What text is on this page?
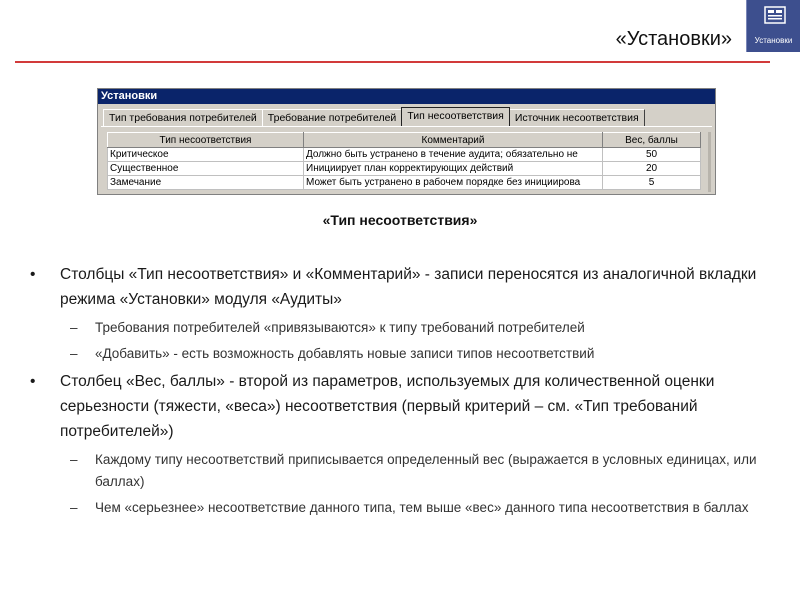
«Установки»	Установки
Установки
Тип требования потребителей	Требование потребителей	Тип несоответствия	Источник несоответствия
Тип несоответствия	Комментарий	Вес, баллы
Критическое	Должно быть устранено в течение аудита; обязательно не	50
Существенное	Инициирует план корректирующих действий	20
Замечание	Может быть устранено в рабочем порядке без инициирова	5
«Тип несоответствия»
• Столбцы «Тип несоответствия» и «Комментарий» - записи переносятся из аналогичной вкладки режима «Установки» модуля «Аудиты»
– Требования потребителей «привязываются» к типу требований потребителей
– «Добавить» - есть возможность добавлять новые записи типов несоответствий
• Столбец «Вес, баллы» - второй из параметров, используемых для количественной оценки серьезности (тяжести, «веса») несоответствия (первый критерий – см. «Тип требований потребителей»)
– Каждому типу несоответствий приписывается определенный вес (выражается в условных единицах, или баллах)
– Чем «серьезнее» несоответствие данного типа, тем выше «вес» данного типа несоответствия в баллах
